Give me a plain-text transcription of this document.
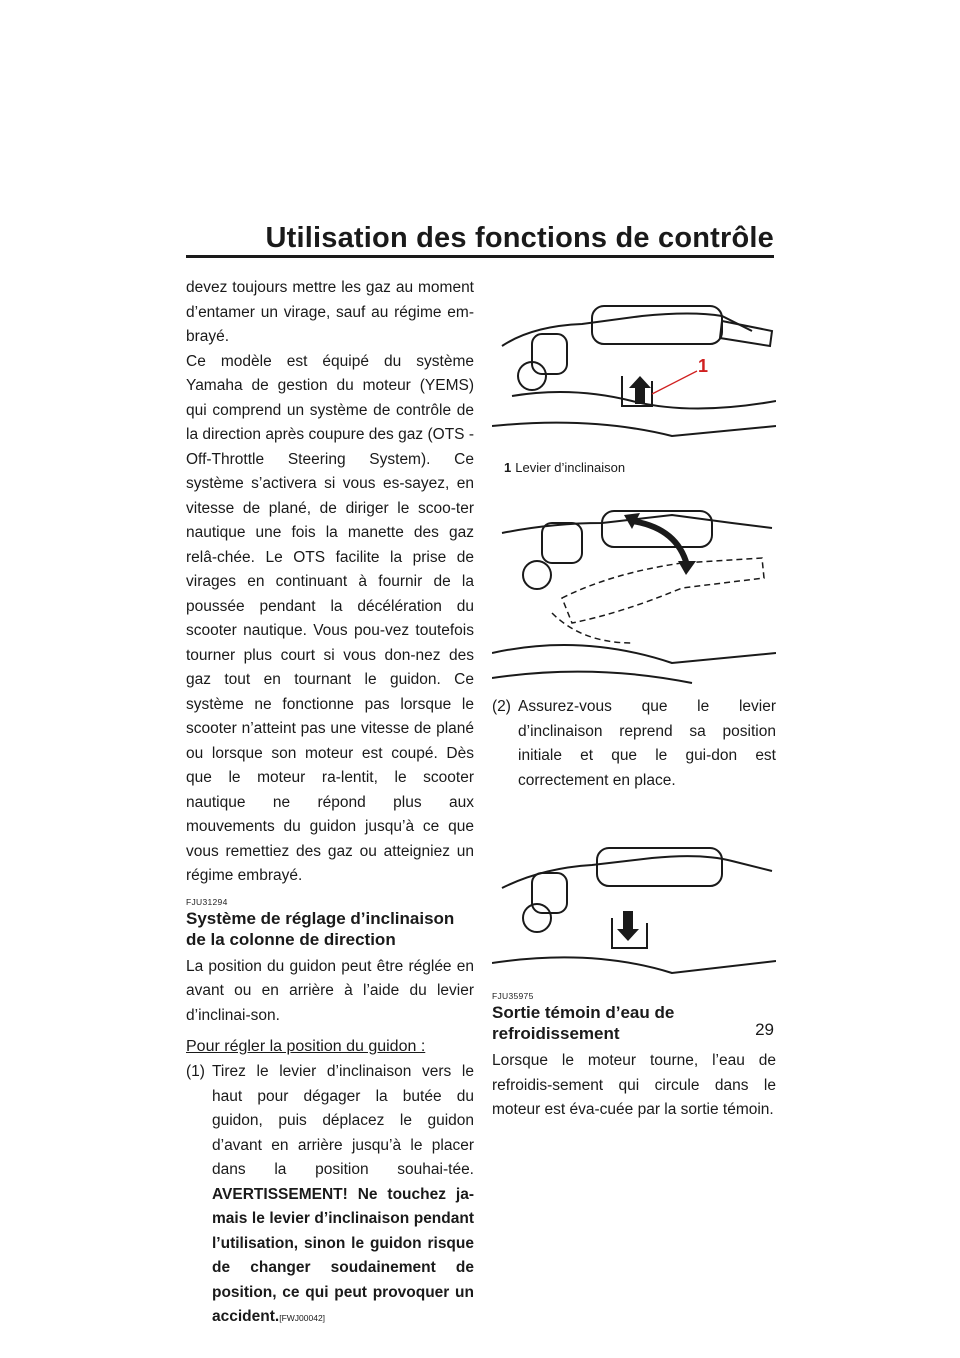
Utilisation des fonctions de contrôle

devez toujours mettre les gaz au moment d’entamer un virage, sauf au régime em-brayé.

Ce modèle est équipé du système Yamaha de gestion du moteur (YEMS) qui comprend un système de contrôle de la direction après coupure des gaz (OTS - Off-Throttle Steering System). Ce système s’activera si vous es-sayez, en vitesse de plané, de diriger le scoo-ter nautique une fois la manette des gaz relâ-chée. Le OTS facilite la prise de virages en continuant à fournir de la poussée pendant la décélération du scooter nautique. Vous pou-vez toutefois tourner plus court si vous don-nez des gaz tout en tournant le guidon. Ce système ne fonctionne pas lorsque le scooter n’atteint pas une vitesse de plané ou lorsque son moteur est coupé. Dès que le moteur ra-lentit, le scooter nautique ne répond plus aux mouvements du guidon jusqu’à ce que vous remettiez des gaz ou atteigniez un régime embrayé.

FJU31294
Système de réglage d’inclinaison de la colonne de direction

La position du guidon peut être réglée en avant ou en arrière à l’aide du levier d’inclinai-son.

Pour régler la position du guidon :
(1) Tirez le levier d’inclinaison vers le haut pour dégager la butée du guidon, puis déplacez le guidon d’avant en arrière jusqu’à le placer dans la position souhai-tée. AVERTISSEMENT! Ne touchez ja-mais le levier d’inclinaison pendant l’utilisation, sinon le guidon risque de changer soudainement de position, ce qui peut provoquer un accident.[FWJ00042]
1
1 Levier d’inclinaison
(2) Assurez-vous que le levier d’inclinaison reprend sa position initiale et que le gui-don est correctement en place.
FJU35975
Sortie témoin d’eau de refroidissement

Lorsque le moteur tourne, l’eau de refroidis-sement qui circule dans le moteur est éva-cuée par la sortie témoin.

29
